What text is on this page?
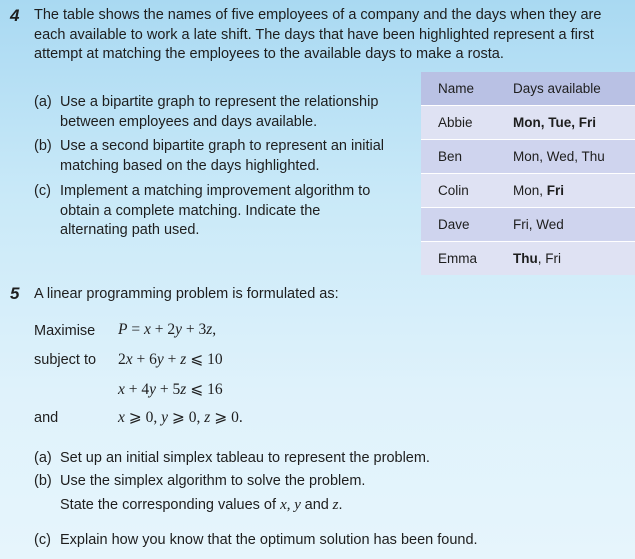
4 The table shows the names of five employees of a company and the days when they are
each available to work a late shift. The days that have been highlighted represent a first
attempt at matching the employees to the available days to make a rosta.
(a) Use a bipartite graph to represent the relationship
between employees and days available.
(b) Use a second bipartite graph to represent an initial
matching based on the days highlighted.
(c) Implement a matching improvement algorithm to
obtain a complete matching. Indicate the
alternating path used.
Name	Days available
Abbie	Mon, Tue, Fri
Ben	Mon, Wed, Thu
Colin	Mon, Fri
Dave	Fri, Wed
Emma	Thu, Fri
5 A linear programming problem is formulated as:
Maximise P = x + 2y + 3z,
subject to 2x + 6y + z ⩽ 10
x + 4y + 5z ⩽ 16
and	x ⩾ 0, y ⩾ 0, z ⩾ 0.
(a) Set up an initial simplex tableau to represent the problem.
(b) Use the simplex algorithm to solve the problem.
State the corresponding values of x, y and z.
(c) Explain how you know that the optimum solution has been found.
